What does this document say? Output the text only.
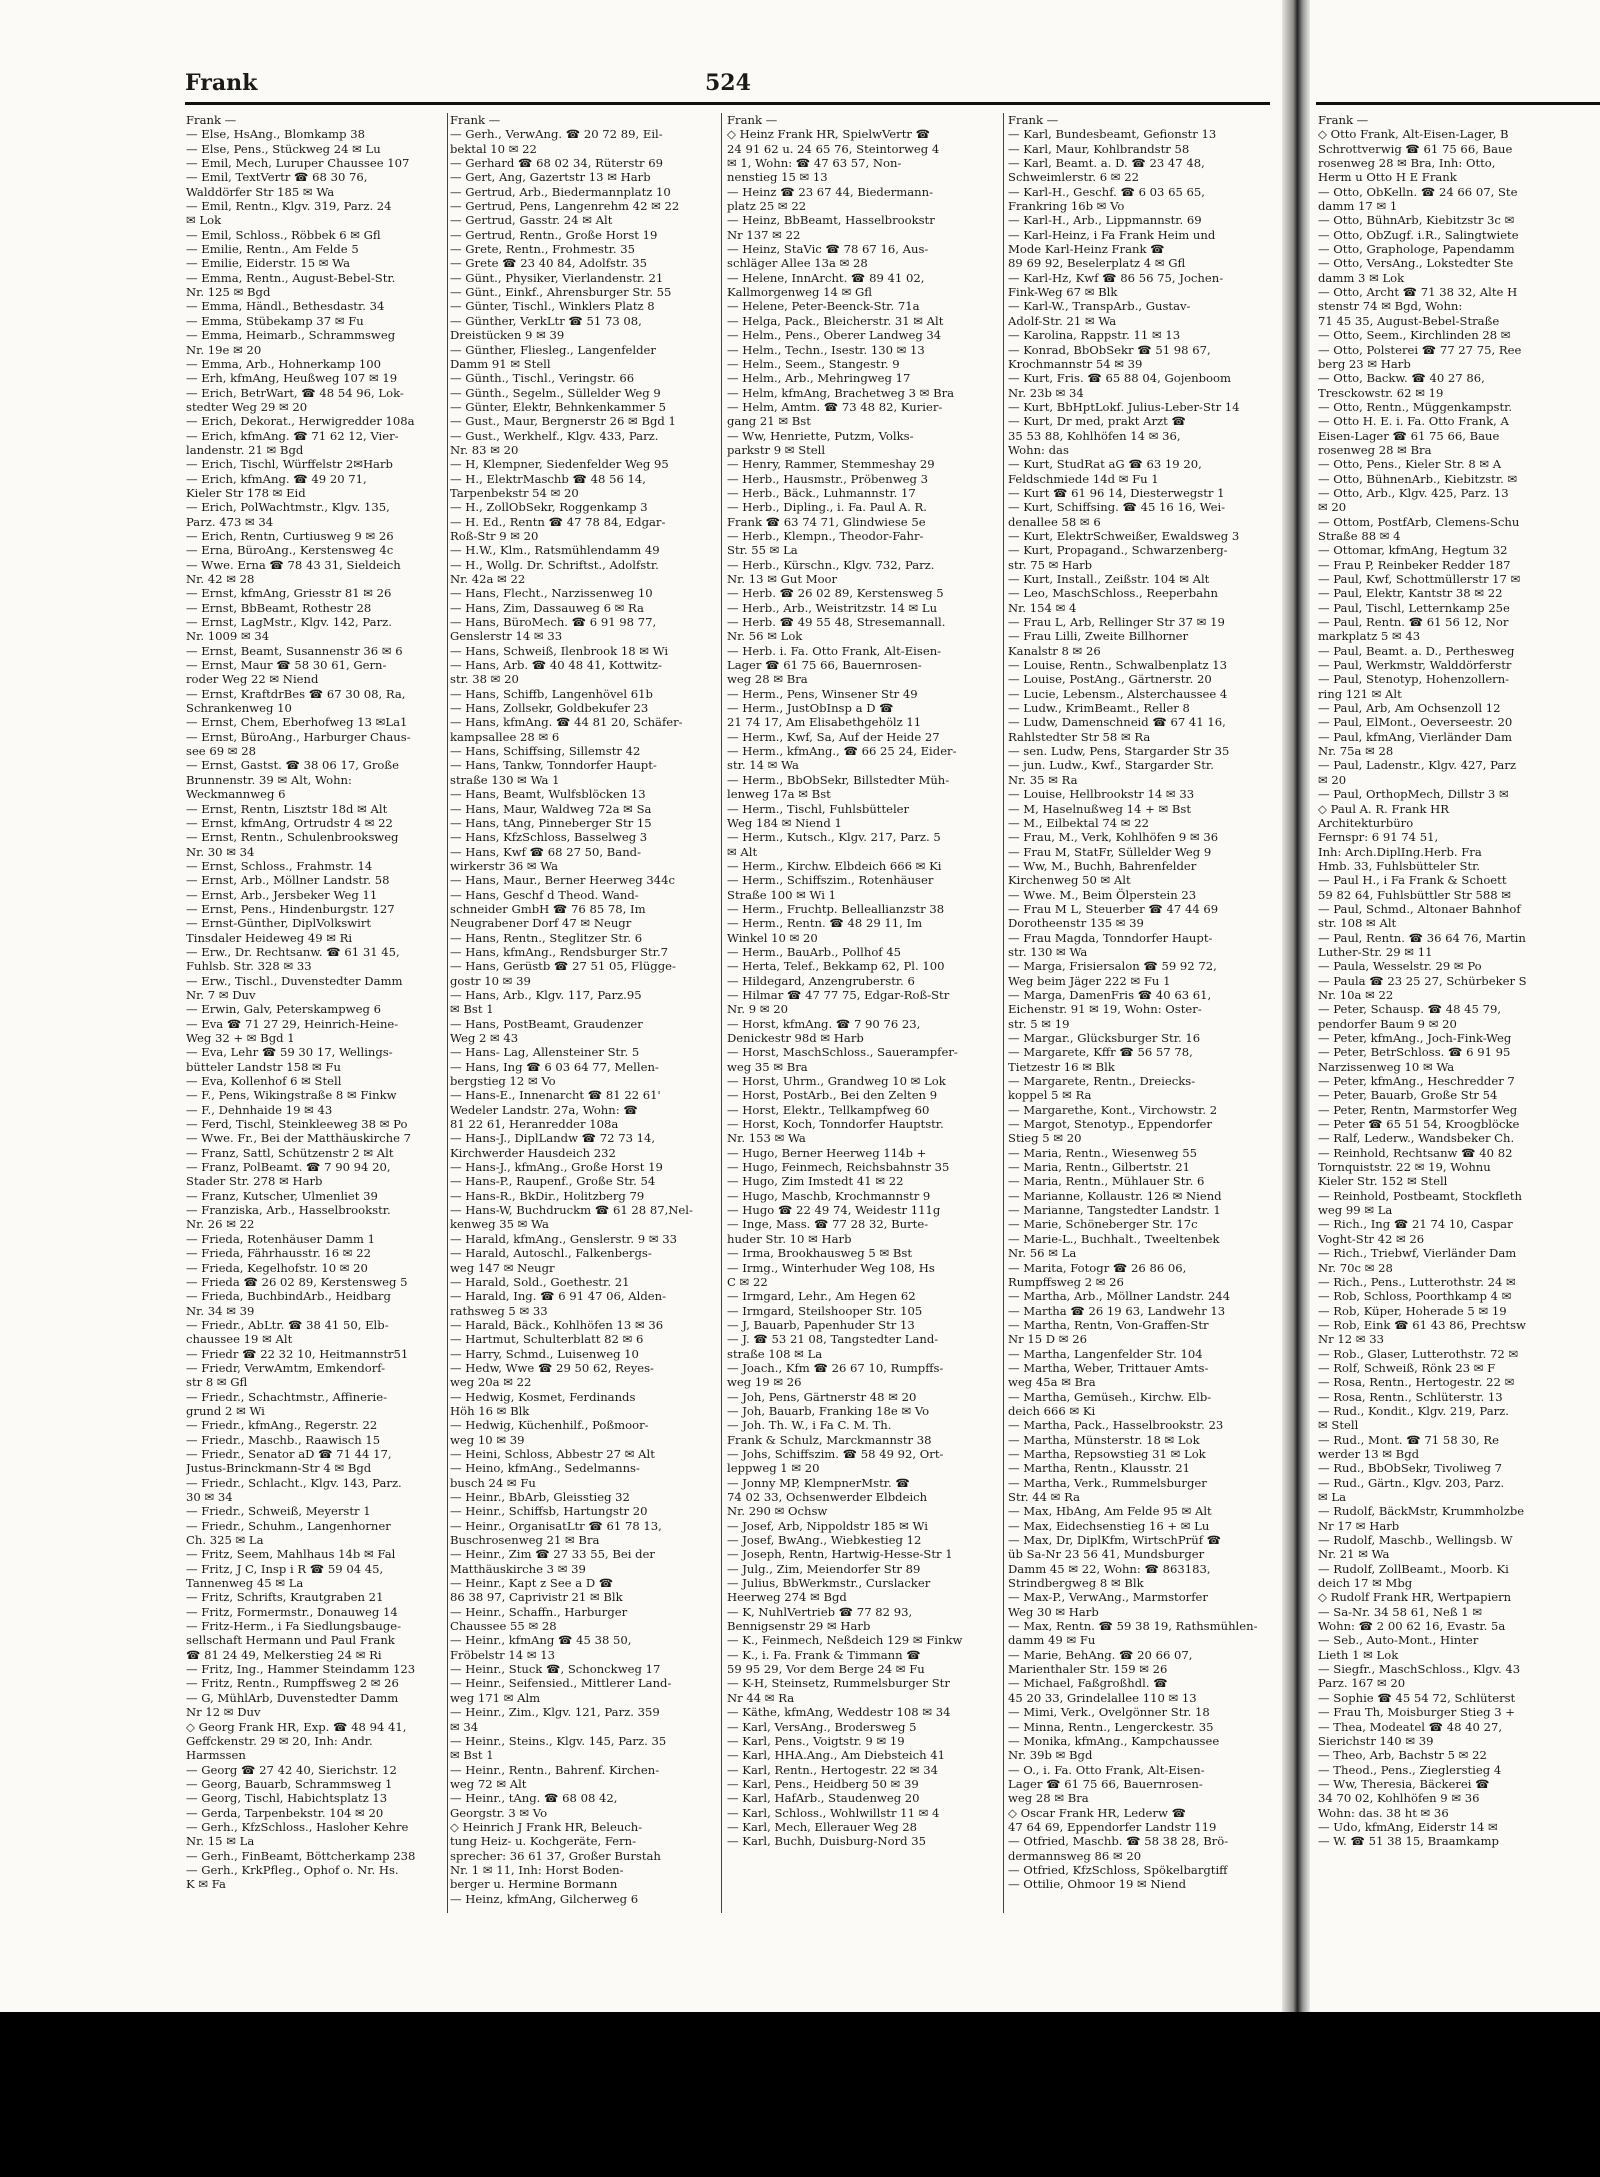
Frank	524
Frank —
— Else, HsAng., Blomkamp 38
— Else, Pens., Stückweg 24 ✉ Lu
— Emil, Mech, Luruper Chaussee 107
— Emil, TextVertr ☎ 68 30 76,
Walddörfer Str 185 ✉ Wa
— Emil, Rentn., Klgv. 319, Parz. 24
✉ Lok
— Emil, Schloss., Röbbek 6 ✉ Gfl
— Emilie, Rentn., Am Felde 5
— Emilie, Eiderstr. 15 ✉ Wa
— Emma, Rentn., August-Bebel-Str.
Nr. 125 ✉ Bgd
— Emma, Händl., Bethesdastr. 34
— Emma, Stübekamp 37 ✉ Fu
— Emma, Heimarb., Schrammsweg
Nr. 19e ✉ 20
— Emma, Arb., Hohnerkamp 100
— Erh, kfmAng, Heußweg 107 ✉ 19
— Erich, BetrWart, ☎ 48 54 96, Lok-
stedter Weg 29 ✉ 20
— Erich, Dekorat., Herwigredder 108a
— Erich, kfmAng. ☎ 71 62 12, Vier-
landenstr. 21 ✉ Bgd
— Erich, Tischl, Würffelstr 2✉Harb
— Erich, kfmAng. ☎ 49 20 71,
Kieler Str 178 ✉ Eid
— Erich, PolWachtmstr., Klgv. 135,
Parz. 473 ✉ 34
— Erich, Rentn, Curtiusweg 9 ✉ 26
— Erna, BüroAng., Kerstensweg 4c
— Wwe. Erna ☎ 78 43 31, Sieldeich
Nr. 42 ✉ 28
— Ernst, kfmAng, Griesstr 81 ✉ 26
— Ernst, BbBeamt, Rothestr 28
— Ernst, LagMstr., Klgv. 142, Parz.
Nr. 1009 ✉ 34
— Ernst, Beamt, Susannenstr 36 ✉ 6
— Ernst, Maur ☎ 58 30 61, Gern-
roder Weg 22 ✉ Niend
— Ernst, KraftdrBes ☎ 67 30 08, Ra,
Schrankenweg 10
— Ernst, Chem, Eberhofweg 13 ✉La1
— Ernst, BüroAng., Harburger Chaus-
see 69 ✉ 28
— Ernst, Gastst. ☎ 38 06 17, Große
Brunnenstr. 39 ✉ Alt, Wohn:
Weckmannweg 6
— Ernst, Rentn, Lisztstr 18d ✉ Alt
— Ernst, kfmAng, Ortrudstr 4 ✉ 22
— Ernst, Rentn., Schulenbrooksweg
Nr. 30 ✉ 34
— Ernst, Schloss., Frahmstr. 14
— Ernst, Arb., Möllner Landstr. 58
— Ernst, Arb., Jersbeker Weg 11
— Ernst, Pens., Hindenburgstr. 127
— Ernst-Günther, DiplVolkswirt
Tinsdaler Heideweg 49 ✉ Ri
— Erw., Dr. Rechtsanw. ☎ 61 31 45,
Fuhlsb. Str. 328 ✉ 33
— Erw., Tischl., Duvenstedter Damm
Nr. 7 ✉ Duv
— Erwin, Galv, Peterskampweg 6
— Eva ☎ 71 27 29, Heinrich-Heine-
Weg 32 + ✉ Bgd 1
— Eva, Lehr ☎ 59 30 17, Wellings-
bütteler Landstr 158 ✉ Fu
— Eva, Kollenhof 6 ✉ Stell
— F., Pens, Wikingstraße 8 ✉ Finkw
— F., Dehnhaide 19 ✉ 43
— Ferd, Tischl, Steinkleeweg 38 ✉ Po
— Wwe. Fr., Bei der Matthäuskirche 7
— Franz, Sattl, Schützenstr 2 ✉ Alt
— Franz, PolBeamt. ☎ 7 90 94 20,
Stader Str. 278 ✉ Harb
— Franz, Kutscher, Ulmenliet 39
— Franziska, Arb., Hasselbrookstr.
Nr. 26 ✉ 22
— Frieda, Rotenhäuser Damm 1
— Frieda, Fährhausstr. 16 ✉ 22
— Frieda, Kegelhofstr. 10 ✉ 20
— Frieda ☎ 26 02 89, Kerstensweg 5
— Frieda, BuchbindArb., Heidbarg
Nr. 34 ✉ 39
— Friedr., AbLtr. ☎ 38 41 50, Elb-
chaussee 19 ✉ Alt
— Friedr ☎ 22 32 10, Heitmannstr51
— Friedr, VerwAmtm, Emkendorf-
str 8 ✉ Gfl
— Friedr., Schachtmstr., Affinerie-
grund 2 ✉ Wi
— Friedr., kfmAng., Regerstr. 22
— Friedr., Maschb., Raawisch 15
— Friedr., Senator aD ☎ 71 44 17,
Justus-Brinckmann-Str 4 ✉ Bgd
— Friedr., Schlacht., Klgv. 143, Parz.
30 ✉ 34
— Friedr., Schweiß, Meyerstr 1
— Friedr., Schuhm., Langenhorner
Ch. 325 ✉ La
— Fritz, Seem, Mahlhaus 14b ✉ Fal
— Fritz, J C, Insp i R ☎ 59 04 45,
Tannenweg 45 ✉ La
— Fritz, Schrifts, Krautgraben 21
— Fritz, Formermstr., Donauweg 14
— Fritz-Herm., i Fa Siedlungsbauge-
sellschaft Hermann und Paul Frank
☎ 81 24 49, Melkerstieg 24 ✉ Ri
— Fritz, Ing., Hammer Steindamm 123
— Fritz, Rentn., Rumpffsweg 2 ✉ 26
— G, MühlArb, Duvenstedter Damm
Nr 12 ✉ Duv
◇ Georg Frank HR, Exp. ☎ 48 94 41,
Geffckenstr. 29 ✉ 20, Inh: Andr.
Harmssen
— Georg ☎ 27 42 40, Sierichstr. 12
— Georg, Bauarb, Schrammsweg 1
— Georg, Tischl, Habichtsplatz 13
— Gerda, Tarpenbekstr. 104 ✉ 20
— Gerh., KfzSchloss., Hasloher Kehre
Nr. 15 ✉ La
— Gerh., FinBeamt, Böttcherkamp 238
— Gerh., KrkPfleg., Ophof o. Nr. Hs.
K ✉ Fa
Frank —
— Gerh., VerwAng. ☎ 20 72 89, Eil-
bektal 10 ✉ 22
— Gerhard ☎ 68 02 34, Rüterstr 69
— Gert, Ang, Gazertstr 13 ✉ Harb
— Gertrud, Arb., Biedermannplatz 10
— Gertrud, Pens, Langenrehm 42 ✉ 22
— Gertrud, Gasstr. 24 ✉ Alt
— Gertrud, Rentn., Große Horst 19
— Grete, Rentn., Frohmestr. 35
— Grete ☎ 23 40 84, Adolfstr. 35
— Günt., Physiker, Vierlandenstr. 21
— Günt., Einkf., Ahrensburger Str. 55
— Günter, Tischl., Winklers Platz 8
— Günther, VerkLtr ☎ 51 73 08,
Dreistücken 9 ✉ 39
— Günther, Fliesleg., Langenfelder
Damm 91 ✉ Stell
— Günth., Tischl., Veringstr. 66
— Günth., Segelm., Süllelder Weg 9
— Günter, Elektr, Behnkenkammer 5
— Gust., Maur, Bergnerstr 26 ✉ Bgd 1
— Gust., Werkhelf., Klgv. 433, Parz.
Nr. 83 ✉ 20
— H, Klempner, Siedenfelder Weg 95
— H., ElektrMaschb ☎ 48 56 14,
Tarpenbekstr 54 ✉ 20
— H., ZollObSekr, Roggenkamp 3
— H. Ed., Rentn ☎ 47 78 84, Edgar-
Roß-Str 9 ✉ 20
— H.W., Klm., Ratsmühlendamm 49
— H., Wollg. Dr. Schriftst., Adolfstr.
Nr. 42a ✉ 22
— Hans, Flecht., Narzissenweg 10
— Hans, Zim, Dassauweg 6 ✉ Ra
— Hans, BüroMech. ☎ 6 91 98 77,
Genslerstr 14 ✉ 33
— Hans, Schweiß, Ilenbrook 18 ✉ Wi
— Hans, Arb. ☎ 40 48 41, Kottwitz-
str. 38 ✉ 20
— Hans, Schiffb, Langenhövel 61b
— Hans, Zollsekr, Goldbekufer 23
— Hans, kfmAng. ☎ 44 81 20, Schäfer-
kampsallee 28 ✉ 6
— Hans, Schiffsing, Sillemstr 42
— Hans, Tankw, Tonndorfer Haupt-
straße 130 ✉ Wa 1
— Hans, Beamt, Wulfsblöcken 13
— Hans, Maur, Waldweg 72a ✉ Sa
— Hans, tAng, Pinneberger Str 15
— Hans, KfzSchloss, Basselweg 3
— Hans, Kwf ☎ 68 27 50, Band-
wirkerstr 36 ✉ Wa
— Hans, Maur., Berner Heerweg 344c
— Hans, Geschf d Theod. Wand-
schneider GmbH ☎ 76 85 78, Im
Neugrabener Dorf 47 ✉ Neugr
— Hans, Rentn., Steglitzer Str. 6
— Hans, kfmAng., Rendsburger Str.7
— Hans, Gerüstb ☎ 27 51 05, Flügge-
gostr 10 ✉ 39
— Hans, Arb., Klgv. 117, Parz.95
✉ Bst 1
— Hans, PostBeamt, Graudenzer
Weg 2 ✉ 43
— Hans- Lag, Allensteiner Str. 5
— Hans, Ing ☎ 6 03 64 77, Mellen-
bergstieg 12 ✉ Vo
— Hans-E., Innenarcht ☎ 81 22 61'
Wedeler Landstr. 27a, Wohn: ☎
81 22 61, Heranredder 108a
— Hans-J., DiplLandw ☎ 72 73 14,
Kirchwerder Hausdeich 232
— Hans-J., kfmAng., Große Horst 19
— Hans-P., Raupenf., Große Str. 54
— Hans-R., BkDir., Holitzberg 79
— Hans-W, Buchdruckm ☎ 61 28 87,Nel-
kenweg 35 ✉ Wa
— Harald, kfmAng., Genslerstr. 9 ✉ 33
— Harald, Autoschl., Falkenbergs-
weg 147 ✉ Neugr
— Harald, Sold., Goethestr. 21
— Harald, Ing. ☎ 6 91 47 06, Alden-
rathsweg 5 ✉ 33
— Harald, Bäck., Kohlhöfen 13 ✉ 36
— Hartmut, Schulterblatt 82 ✉ 6
— Harry, Schmd., Luisenweg 10
— Hedw, Wwe ☎ 29 50 62, Reyes-
weg 20a ✉ 22
— Hedwig, Kosmet, Ferdinands
Höh 16 ✉ Blk
— Hedwig, Küchenhilf., Poßmoor-
weg 10 ✉ 39
— Heini, Schloss, Abbestr 27 ✉ Alt
— Heino, kfmAng., Sedelmanns-
busch 24 ✉ Fu
— Heinr., BbArb, Gleisstieg 32
— Heinr., Schiffsb, Hartungstr 20
— Heinr., OrganisatLtr ☎ 61 78 13,
Buschrosenweg 21 ✉ Bra
— Heinr., Zim ☎ 27 33 55, Bei der
Matthäuskirche 3 ✉ 39
— Heinr., Kapt z See a D ☎
86 38 97, Caprivistr 21 ✉ Blk
— Heinr., Schaffn., Harburger
Chaussee 55 ✉ 28
— Heinr., kfmAng ☎ 45 38 50,
Fröbelstr 14 ✉ 13
— Heinr., Stuck ☎, Schonckweg 17
— Heinr., Seifensied., Mittlerer Land-
weg 171 ✉ Alm
— Heinr., Zim., Klgv. 121, Parz. 359
✉ 34
— Heinr., Steins., Klgv. 145, Parz. 35
✉ Bst 1
— Heinr., Rentn., Bahrenf. Kirchen-
weg 72 ✉ Alt
— Heinr., tAng. ☎ 68 08 42,
Georgstr. 3 ✉ Vo
◇ Heinrich J Frank HR, Beleuch-
tung Heiz- u. Kochgeräte, Fern-
sprecher: 36 61 37, Großer Burstah
Nr. 1 ✉ 11, Inh: Horst Boden-
berger u. Hermine Bormann
— Heinz, kfmAng, Gilcherweg 6
Frank —
◇ Heinz Frank HR, SpielwVertr ☎
24 91 62 u. 24 65 76, Steintorweg 4
✉ 1, Wohn: ☎ 47 63 57, Non-
nenstieg 15 ✉ 13
— Heinz ☎ 23 67 44, Biedermann-
platz 25 ✉ 22
— Heinz, BbBeamt, Hasselbrookstr
Nr 137 ✉ 22
— Heinz, StaVic ☎ 78 67 16, Aus-
schläger Allee 13a ✉ 28
— Helene, InnArcht. ☎ 89 41 02,
Kallmorgenweg 14 ✉ Gfl
— Helene, Peter-Beenck-Str. 71a
— Helga, Pack., Bleicherstr. 31 ✉ Alt
— Helm., Pens., Oberer Landweg 34
— Helm., Techn., Isestr. 130 ✉ 13
— Helm., Seem., Stangestr. 9
— Helm., Arb., Mehringweg 17
— Helm, kfmAng, Brachetweg 3 ✉ Bra
— Helm, Amtm. ☎ 73 48 82, Kurier-
gang 21 ✉ Bst
— Ww, Henriette, Putzm, Volks-
parkstr 9 ✉ Stell
— Henry, Rammer, Stemmeshay 29
— Herb., Hausmstr., Pröbenweg 3
— Herb., Bäck., Luhmannstr. 17
— Herb., Dipling., i. Fa. Paul A. R.
Frank ☎ 63 74 71, Glindwiese 5e
— Herb., Klempn., Theodor-Fahr-
Str. 55 ✉ La
— Herb., Kürschn., Klgv. 732, Parz.
Nr. 13 ✉ Gut Moor
— Herb. ☎ 26 02 89, Kerstensweg 5
— Herb., Arb., Weistritzstr. 14 ✉ Lu
— Herb. ☎ 49 55 48, Stresemannall.
Nr. 56 ✉ Lok
— Herb. i. Fa. Otto Frank, Alt-Eisen-
Lager ☎ 61 75 66, Bauernrosen-
weg 28 ✉ Bra
— Herm., Pens, Winsener Str 49
— Herm., JustObInsp a D ☎
21 74 17, Am Elisabethgehölz 11
— Herm., Kwf, Sa, Auf der Heide 27
— Herm., kfmAng., ☎ 66 25 24, Eider-
str. 14 ✉ Wa
— Herm., BbObSekr, Billstedter Müh-
lenweg 17a ✉ Bst
— Herm., Tischl, Fuhlsbütteler
Weg 184 ✉ Niend 1
— Herm., Kutsch., Klgv. 217, Parz. 5
✉ Alt
— Herm., Kirchw. Elbdeich 666 ✉ Ki
— Herm., Schiffszim., Rotenhäuser
Straße 100 ✉ Wi 1
— Herm., Fruchtp. Belleallianzstr 38
— Herm., Rentn. ☎ 48 29 11, Im
Winkel 10 ✉ 20
— Herm., BauArb., Pollhof 45
— Herta, Telef., Bekkamp 62, Pl. 100
— Hildegard, Anzengruberstr. 6
— Hilmar ☎ 47 77 75, Edgar-Roß-Str
Nr. 9 ✉ 20
— Horst, kfmAng. ☎ 7 90 76 23,
Denickestr 98d ✉ Harb
— Horst, MaschSchloss., Sauerampfer-
weg 35 ✉ Bra
— Horst, Uhrm., Grandweg 10 ✉ Lok
— Horst, PostArb., Bei den Zelten 9
— Horst, Elektr., Tellkampfweg 60
— Horst, Koch, Tonndorfer Hauptstr.
Nr. 153 ✉ Wa
— Hugo, Berner Heerweg 114b +
— Hugo, Feinmech, Reichsbahnstr 35
— Hugo, Zim Imstedt 41 ✉ 22
— Hugo, Maschb, Krochmannstr 9
— Hugo ☎ 22 49 74, Weidestr 111g
— Inge, Mass. ☎ 77 28 32, Burte-
huder Str. 10 ✉ Harb
— Irma, Brookhausweg 5 ✉ Bst
— Irmg., Winterhuder Weg 108, Hs
C ✉ 22
— Irmgard, Lehr., Am Hegen 62
— Irmgard, Steilshooper Str. 105
— J, Bauarb, Papenhuder Str 13
— J. ☎ 53 21 08, Tangstedter Land-
straße 108 ✉ La
— Joach., Kfm ☎ 26 67 10, Rumpffs-
weg 19 ✉ 26
— Joh, Pens, Gärtnerstr 48 ✉ 20
— Joh, Bauarb, Franking 18e ✉ Vo
— Joh. Th. W., i Fa C. M. Th.
Frank & Schulz, Marckmannstr 38
— Johs, Schiffszim. ☎ 58 49 92, Ort-
leppweg 1 ✉ 20
— Jonny MP, KlempnerMstr. ☎
74 02 33, Ochsenwerder Elbdeich
Nr. 290 ✉ Ochsw
— Josef, Arb, Nippoldstr 185 ✉ Wi
— Josef, BwAng., Wiebkestieg 12
— Joseph, Rentn, Hartwig-Hesse-Str 1
— Julg., Zim, Meiendorfer Str 89
— Julius, BbWerkmstr., Curslacker
Heerweg 274 ✉ Bgd
— K, NuhlVertrieb ☎ 77 82 93,
Bennigsenstr 29 ✉ Harb
— K., Feinmech, Neßdeich 129 ✉ Finkw
— K., i. Fa. Frank & Timmann ☎
59 95 29, Vor dem Berge 24 ✉ Fu
— K-H, Steinsetz, Rummelsburger Str
Nr 44 ✉ Ra
— Käthe, kfmAng, Weddestr 108 ✉ 34
— Karl, VersAng., Brodersweg 5
— Karl, Pens., Voigtstr. 9 ✉ 19
— Karl, HHA.Ang., Am Diebsteich 41
— Karl, Rentn., Hertogestr. 22 ✉ 34
— Karl, Pens., Heidberg 50 ✉ 39
— Karl, HafArb., Staudenweg 20
— Karl, Schloss., Wohlwillstr 11 ✉ 4
— Karl, Mech, Ellerauer Weg 28
— Karl, Buchh, Duisburg-Nord 35
Frank —
— Karl, Bundesbeamt, Gefionstr 13
— Karl, Maur, Kohlbrandstr 58
— Karl, Beamt. a. D. ☎ 23 47 48,
Schweimlerstr. 6 ✉ 22
— Karl-H., Geschf. ☎ 6 03 65 65,
Frankring 16b ✉ Vo
— Karl-H., Arb., Lippmannstr. 69
— Karl-Heinz, i Fa Frank Heim und
Mode Karl-Heinz Frank ☎
89 69 92, Beselerplatz 4 ✉ Gfl
— Karl-Hz, Kwf ☎ 86 56 75, Jochen-
Fink-Weg 67 ✉ Blk
— Karl-W., TranspArb., Gustav-
Adolf-Str. 21 ✉ Wa
— Karolina, Rappstr. 11 ✉ 13
— Konrad, BbObSekr ☎ 51 98 67,
Krochmannstr 54 ✉ 39
— Kurt, Fris. ☎ 65 88 04, Gojenboom
Nr. 23b ✉ 34
— Kurt, BbHptLokf. Julius-Leber-Str 14
— Kurt, Dr med, prakt Arzt ☎
35 53 88, Kohlhöfen 14 ✉ 36,
Wohn: das
— Kurt, StudRat aG ☎ 63 19 20,
Feldschmiede 14d ✉ Fu 1
— Kurt ☎ 61 96 14, Diesterwegstr 1
— Kurt, Schiffsing. ☎ 45 16 16, Wei-
denallee 58 ✉ 6
— Kurt, ElektrSchweißer, Ewaldsweg 3
— Kurt, Propagand., Schwarzenberg-
str. 75 ✉ Harb
— Kurt, Install., Zeißstr. 104 ✉ Alt
— Leo, MaschSchloss., Reeperbahn
Nr. 154 ✉ 4
— Frau L, Arb, Rellinger Str 37 ✉ 19
— Frau Lilli, Zweite Billhorner
Kanalstr 8 ✉ 26
— Louise, Rentn., Schwalbenplatz 13
— Louise, PostAng., Gärtnerstr. 20
— Lucie, Lebensm., Alsterchaussee 4
— Ludw., KrimBeamt., Reller 8
— Ludw, Damenschneid ☎ 67 41 16,
Rahlstedter Str 58 ✉ Ra
— sen. Ludw, Pens, Stargarder Str 35
— jun. Ludw., Kwf., Stargarder Str.
Nr. 35 ✉ Ra
— Louise, Hellbrookstr 14 ✉ 33
— M, Haselnußweg 14 + ✉ Bst
— M., Eilbektal 74 ✉ 22
— Frau, M., Verk, Kohlhöfen 9 ✉ 36
— Frau M, StatFr, Süllelder Weg 9
— Ww, M., Buchh, Bahrenfelder
Kirchenweg 50 ✉ Alt
— Wwe. M., Beim Ölperstein 23
— Frau M L, Steuerber ☎ 47 44 69
Dorotheenstr 135 ✉ 39
— Frau Magda, Tonndorfer Haupt-
str. 130 ✉ Wa
— Marga, Frisiersalon ☎ 59 92 72,
Weg beim Jäger 222 ✉ Fu 1
— Marga, DamenFris ☎ 40 63 61,
Eichenstr. 91 ✉ 19, Wohn: Oster-
str. 5 ✉ 19
— Margar., Glücksburger Str. 16
— Margarete, Kffr ☎ 56 57 78,
Tietzestr 16 ✉ Blk
— Margarete, Rentn., Dreiecks-
koppel 5 ✉ Ra
— Margarethe, Kont., Virchowstr. 2
— Margot, Stenotyp., Eppendorfer
Stieg 5 ✉ 20
— Maria, Rentn., Wiesenweg 55
— Maria, Rentn., Gilbertstr. 21
— Maria, Rentn., Mühlauer Str. 6
— Marianne, Kollaustr. 126 ✉ Niend
— Marianne, Tangstedter Landstr. 1
— Marie, Schöneberger Str. 17c
— Marie-L., Buchhalt., Tweeltenbek
Nr. 56 ✉ La
— Marita, Fotogr ☎ 26 86 06,
Rumpffsweg 2 ✉ 26
— Martha, Arb., Möllner Landstr. 244
— Martha ☎ 26 19 63, Landwehr 13
— Martha, Rentn, Von-Graffen-Str
Nr 15 D ✉ 26
— Martha, Langenfelder Str. 104
— Martha, Weber, Trittauer Amts-
weg 45a ✉ Bra
— Martha, Gemüseh., Kirchw. Elb-
deich 666 ✉ Ki
— Martha, Pack., Hasselbrookstr. 23
— Martha, Münsterstr. 18 ✉ Lok
— Martha, Repsowstieg 31 ✉ Lok
— Martha, Rentn., Klausstr. 21
— Martha, Verk., Rummelsburger
Str. 44 ✉ Ra
— Max, HbAng, Am Felde 95 ✉ Alt
— Max, Eidechsenstieg 16 + ✉ Lu
— Max, Dr, DiplKfm, WirtschPrüf ☎
üb Sa-Nr 23 56 41, Mundsburger
Damm 45 ✉ 22, Wohn: ☎ 863183,
Strindbergweg 8 ✉ Blk
— Max-P., VerwAng., Marmstorfer
Weg 30 ✉ Harb
— Max, Rentn. ☎ 59 38 19, Rathsmühlen-
damm 49 ✉ Fu
— Marie, BehAng. ☎ 20 66 07,
Marienthaler Str. 159 ✉ 26
— Michael, Faßgroßhdl. ☎
45 20 33, Grindelallee 110 ✉ 13
— Mimi, Verk., Ovelgönner Str. 18
— Minna, Rentn., Lengerckestr. 35
— Monika, kfmAng., Kampchaussee
Nr. 39b ✉ Bgd
— O., i. Fa. Otto Frank, Alt-Eisen-
Lager ☎ 61 75 66, Bauernrosen-
weg 28 ✉ Bra
◇ Oscar Frank HR, Lederw ☎
47 64 69, Eppendorfer Landstr 119
— Otfried, Maschb. ☎ 58 38 28, Brö-
dermannsweg 86 ✉ 20
— Otfried, KfzSchloss, Spökelbargtiff
— Ottilie, Ohmoor 19 ✉ Niend
Frank —
◇ Otto Frank, Alt-Eisen-Lager, B
Schrottverwig ☎ 61 75 66, Baue
rosenweg 28 ✉ Bra, Inh: Otto,
Herm u Otto H E Frank
— Otto, ObKelln. ☎ 24 66 07, Ste
damm 17 ✉ 1
— Otto, BühnArb, Kiebitzstr 3c ✉
— Otto, ObZugf. i.R., Salingtwiete
— Otto, Graphologe, Papendamm
— Otto, VersAng., Lokstedter Ste
damm 3 ✉ Lok
— Otto, Archt ☎ 71 38 32, Alte H
stenstr 74 ✉ Bgd, Wohn:
71 45 35, August-Bebel-Straße
— Otto, Seem., Kirchlinden 28 ✉
— Otto, Polsterei ☎ 77 27 75, Ree
berg 23 ✉ Harb
— Otto, Backw. ☎ 40 27 86,
Tresckowstr. 62 ✉ 19
— Otto, Rentn., Müggenkampstr.
— Otto H. E. i. Fa. Otto Frank, A
Eisen-Lager ☎ 61 75 66, Baue
rosenweg 28 ✉ Bra
— Otto, Pens., Kieler Str. 8 ✉ A
— Otto, BühnenArb., Kiebitzstr. ✉
— Otto, Arb., Klgv. 425, Parz. 13
✉ 20
— Ottom, PostfArb, Clemens-Schu
Straße 88 ✉ 4
— Ottomar, kfmAng, Hegtum 32
— Frau P, Reinbeker Redder 187
— Paul, Kwf, Schottmüllerstr 17 ✉
— Paul, Elektr, Kantstr 38 ✉ 22
— Paul, Tischl, Letternkamp 25e
— Paul, Rentn. ☎ 61 56 12, Nor
markplatz 5 ✉ 43
— Paul, Beamt. a. D., Perthesweg
— Paul, Werkmstr, Walddörferstr
— Paul, Stenotyp, Hohenzollern-
ring 121 ✉ Alt
— Paul, Arb, Am Ochsenzoll 12
— Paul, ElMont., Oeverseestr. 20
— Paul, kfmAng, Vierländer Dam
Nr. 75a ✉ 28
— Paul, Ladenstr., Klgv. 427, Parz
✉ 20
— Paul, OrthopMech, Dillstr 3 ✉
◇ Paul A. R. Frank HR
Architekturbüro
Fernspr: 6 91 74 51,
Inh: Arch.DiplIng.Herb. Fra
Hmb. 33, Fuhlsbütteler Str.
— Paul H., i Fa Frank & Schoett
59 82 64, Fuhlsbüttler Str 588 ✉
— Paul, Schmd., Altonaer Bahnhof
str. 108 ✉ Alt
— Paul, Rentn. ☎ 36 64 76, Martin
Luther-Str. 29 ✉ 11
— Paula, Wesselstr. 29 ✉ Po
— Paula ☎ 23 25 27, Schürbeker S
Nr. 10a ✉ 22
— Peter, Schausp. ☎ 48 45 79,
pendorfer Baum 9 ✉ 20
— Peter, kfmAng., Joch-Fink-Weg
— Peter, BetrSchloss. ☎ 6 91 95
Narzissenweg 10 ✉ Wa
— Peter, kfmAng., Heschredder 7
— Peter, Bauarb, Große Str 54
— Peter, Rentn, Marmstorfer Weg
— Peter ☎ 65 51 54, Kroogblöcke
— Ralf, Lederw., Wandsbeker Ch.
— Reinhold, Rechtsanw ☎ 40 82
Tornquiststr. 22 ✉ 19, Wohnu
Kieler Str. 152 ✉ Stell
— Reinhold, Postbeamt, Stockfleth
weg 99 ✉ La
— Rich., Ing ☎ 21 74 10, Caspar
Voght-Str 42 ✉ 26
— Rich., Triebwf, Vierländer Dam
Nr. 70c ✉ 28
— Rich., Pens., Lutterothstr. 24 ✉
— Rob, Schloss, Poorthkamp 4 ✉
— Rob, Küper, Hoherade 5 ✉ 19
— Rob, Eink ☎ 61 43 86, Prechtsw
Nr 12 ✉ 33
— Rob., Glaser, Lutterothstr. 72 ✉
— Rolf, Schweiß, Rönk 23 ✉ F
— Rosa, Rentn., Hertogestr. 22 ✉
— Rosa, Rentn., Schlüterstr. 13
— Rud., Kondit., Klgv. 219, Parz.
✉ Stell
— Rud., Mont. ☎ 71 58 30, Re
werder 13 ✉ Bgd
— Rud., BbObSekr, Tivoliweg 7
— Rud., Gärtn., Klgv. 203, Parz.
✉ La
— Rudolf, BäckMstr, Krummholzbe
Nr 17 ✉ Harb
— Rudolf, Maschb., Wellingsb. W
Nr. 21 ✉ Wa
— Rudolf, ZollBeamt., Moorb. Ki
deich 17 ✉ Mbg
◇ Rudolf Frank HR, Wertpapiern
— Sa-Nr. 34 58 61, Neß 1 ✉
Wohn: ☎ 2 00 62 16, Evastr. 5a
— Seb., Auto-Mont., Hinter
Lieth 1 ✉ Lok
— Siegfr., MaschSchloss., Klgv. 43
Parz. 167 ✉ 20
— Sophie ☎ 45 54 72, Schlüterst
— Frau Th, Moisburger Stieg 3 +
— Thea, Modeatel ☎ 48 40 27,
Sierichstr 140 ✉ 39
— Theo, Arb, Bachstr 5 ✉ 22
— Theod., Pens., Zieglerstieg 4
— Ww, Theresia, Bäckerei ☎
34 70 02, Kohlhöfen 9 ✉ 36
Wohn: das. 38 ht ✉ 36
— Udo, kfmAng, Eiderstr 14 ✉
— W. ☎ 51 38 15, Braamkamp
